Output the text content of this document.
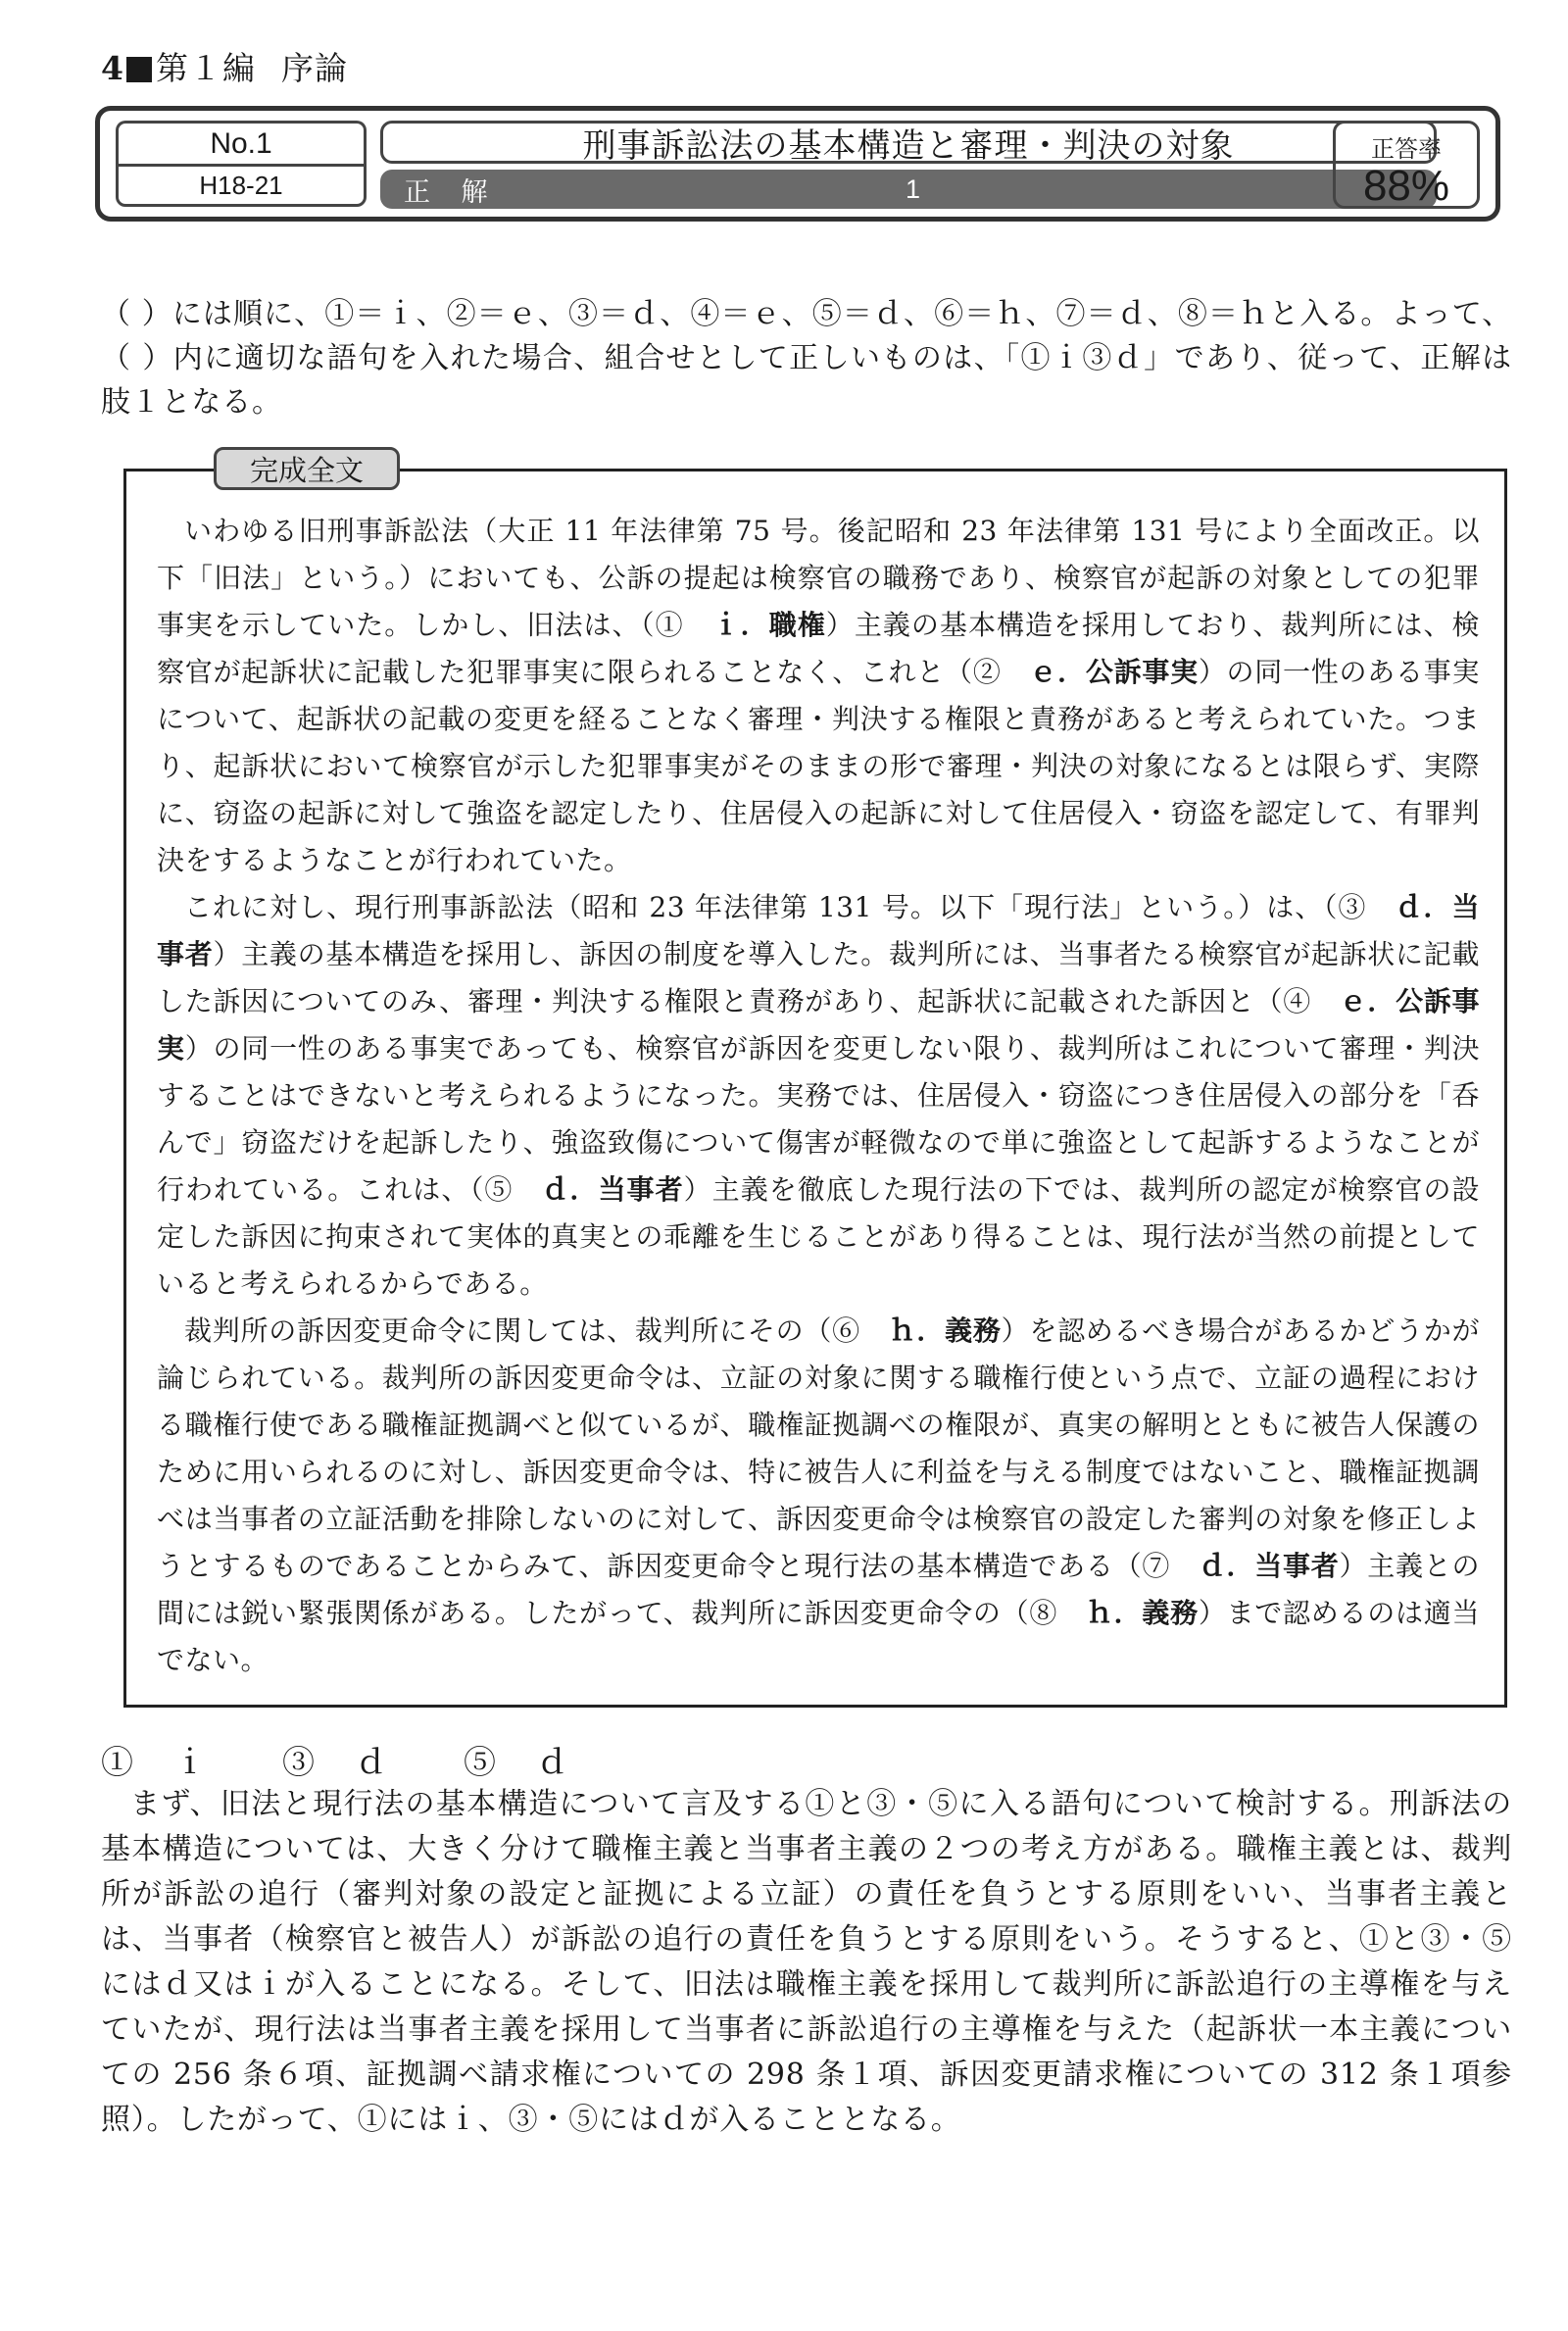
4 第１編 序論
No.1
H18-21
刑事訴訟法の基本構造と審理・判決の対象
正 解	1
正答率
88%
（ ）には順に、①＝ｉ、②＝ｅ、③＝ｄ、④＝ｅ、⑤＝ｄ、⑥＝ｈ、⑦＝ｄ、⑧＝ｈと入る。よって、（ ）内に適切な語句を入れた場合、組合せとして正しいものは、「①ｉ③ｄ」であり、従って、正解は肢１となる。
完成全文

いわゆる旧刑事訴訟法（大正 11 年法律第 75 号。後記昭和 23 年法律第 131 号により全面改正。以下「旧法」という。）においても、公訴の提起は検察官の職務であり、検察官が起訴の対象としての犯罪事実を示していた。しかし、旧法は、（①　ｉ．職権）主義の基本構造を採用しており、裁判所には、検察官が起訴状に記載した犯罪事実に限られることなく、これと（②　ｅ．公訴事実）の同一性のある事実について、起訴状の記載の変更を経ることなく審理・判決する権限と責務があると考えられていた。つまり、起訴状において検察官が示した犯罪事実がそのままの形で審理・判決の対象になるとは限らず、実際に、窃盗の起訴に対して強盗を認定したり、住居侵入の起訴に対して住居侵入・窃盗を認定して、有罪判決をするようなことが行われていた。

これに対し、現行刑事訴訟法（昭和 23 年法律第 131 号。以下「現行法」という。）は、（③　ｄ．当事者）主義の基本構造を採用し、訴因の制度を導入した。裁判所には、当事者たる検察官が起訴状に記載した訴因についてのみ、審理・判決する権限と責務があり、起訴状に記載された訴因と（④　ｅ．公訴事実）の同一性のある事実であっても、検察官が訴因を変更しない限り、裁判所はこれについて審理・判決することはできないと考えられるようになった。実務では、住居侵入・窃盗につき住居侵入の部分を「呑んで」窃盗だけを起訴したり、強盗致傷について傷害が軽微なので単に強盗として起訴するようなことが行われている。これは、（⑤　ｄ．当事者）主義を徹底した現行法の下では、裁判所の認定が検察官の設定した訴因に拘束されて実体的真実との乖離を生じることがあり得ることは、現行法が当然の前提としていると考えられるからである。

裁判所の訴因変更命令に関しては、裁判所にその（⑥　ｈ．義務）を認めるべき場合があるかどうかが論じられている。裁判所の訴因変更命令は、立証の対象に関する職権行使という点で、立証の過程における職権行使である職権証拠調べと似ているが、職権証拠調べの権限が、真実の解明とともに被告人保護のために用いられるのに対し、訴因変更命令は、特に被告人に利益を与える制度ではないこと、職権証拠調べは当事者の立証活動を排除しないのに対して、訴因変更命令は検察官の設定した審判の対象を修正しようとするものであることからみて、訴因変更命令と現行法の基本構造である（⑦　ｄ．当事者）主義との間には鋭い緊張関係がある。したがって、裁判所に訴因変更命令の（⑧　ｈ．義務）まで認めるのは適当でない。

①　ｉ　　③　ｄ　　⑤　ｄ
まず、旧法と現行法の基本構造について言及する①と③・⑤に入る語句について検討する。刑訴法の基本構造については、大きく分けて職権主義と当事者主義の２つの考え方がある。職権主義とは、裁判所が訴訟の追行（審判対象の設定と証拠による立証）の責任を負うとする原則をいい、当事者主義とは、当事者（検察官と被告人）が訴訟の追行の責任を負うとする原則をいう。そうすると、①と③・⑤にはｄ又はｉが入ることになる。そして、旧法は職権主義を採用して裁判所に訴訟追行の主導権を与えていたが、現行法は当事者主義を採用して当事者に訴訟追行の主導権を与えた（起訴状一本主義についての 256 条６項、証拠調べ請求権についての 298 条１項、訴因変更請求権についての 312 条１項参照）。したがって、①にはｉ、③・⑤にはｄが入ることとなる。
